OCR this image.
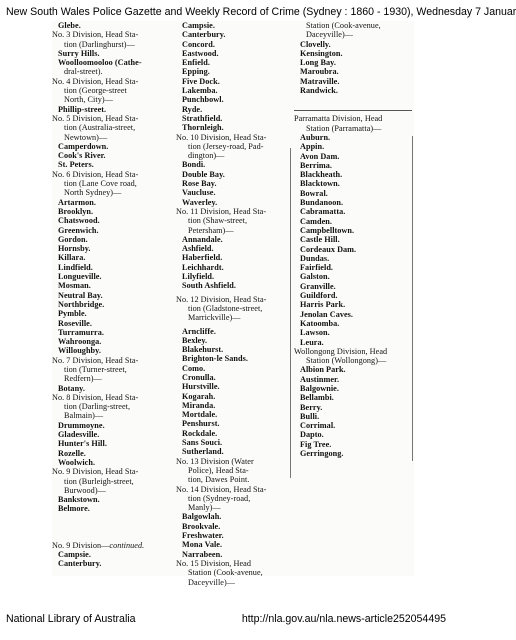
New South Wales Police Gazette and Weekly Record of Crime (Sydney : 1860 - 1930), Wednesday 7 Januar
Glebe.
No. 3 Division, Head Sta-
tion (Darlinghurst)—
Surry Hills.
Woolloomooloo (Cathe-
dral-street).
No. 4 Division, Head Sta-
tion (George-street
North, City)—
Phillip-street.
No. 5 Division, Head Sta-
tion (Australia-street,
Newtown)—
Camperdown.
Cook's River.
St. Peters.
No. 6 Division, Head Sta-
tion (Lane Cove road,
North Sydney)—
Artarmon.
Brooklyn.
Chatswood.
Greenwich.
Gordon.
Hornsby.
Killara.
Lindfield.
Longueville.
Mosman.
Neutral Bay.
Northbridge.
Pymble.
Roseville.
Turramurra.
Wahroonga.
Willoughby.
No. 7 Division, Head Sta-
tion (Turner-street,
Redfern)—
Botany.
No. 8 Division, Head Sta-
tion (Darling-street,
Balmain)—
Drummoyne.
Gladesville.
Hunter's Hill.
Rozelle.
Woolwich.
No. 9 Division, Head Sta-
tion (Burleigh-street,
Burwood)—
Bankstown.
Belmore.
No. 9 Division—continued.
Campsie.
Canterbury.
Campsie.
Canterbury.
Concord.
Eastwood.
Enfield.
Epping.
Five Dock.
Lakemba.
Punchbowl.
Ryde.
Strathfield.
Thornleigh.
No. 10 Division, Head Sta-
tion (Jersey-road, Pad-
dington)—
Bondi.
Double Bay.
Rose Bay.
Vaucluse.
Waverley.
No. 11 Division, Head Sta-
tion (Shaw-street,
Petersham)—
Annandale.
Ashfield.
Haberfield.
Leichhardt.
Lilyfield.
South Ashfield.
No. 12 Division, Head Sta-
tion (Gladstone-street,
Marrickville)—
Arncliffe.
Bexley.
Blakehurst.
Brighton-le Sands.
Como.
Cronulla.
Hurstville.
Kogarah.
Miranda.
Mortdale.
Penshurst.
Rockdale.
Sans Souci.
Sutherland.
No. 13 Division (Water
Police), Head Sta-
tion, Dawes Point.
No. 14 Division, Head Sta-
tion (Sydney-road,
Manly)—
Balgowlah.
Brookvale.
Freshwater.
Mona Vale.
Narrabeen.
No. 15 Division, Head
Station (Cook-avenue,
Daceyville)—
Station (Cook-avenue,
Daceyville)—
Clovelly.
Kensington.
Long Bay.
Maroubra.
Matraville.
Randwick.
Parramatta Division, Head
Station (Parramatta)—
Auburn.
Appin.
Avon Dam.
Berrima.
Blackheath.
Blacktown.
Bowral.
Bundanoon.
Cabramatta.
Camden.
Campbelltown.
Castle Hill.
Cordeaux Dam.
Dundas.
Fairfield.
Galston.
Granville.
Guildford.
Harris Park.
Jenolan Caves.
Katoomba.
Lawson.
Leura.
Wollongong Division, Head
Station (Wollongong)—
Albion Park.
Austinmer.
Balgownie.
Bellambi.
Berry.
Bulli.
Corrimal.
Dapto.
Fig Tree.
Gerringong.
National Library of Australia	http://nla.gov.au/nla.news-article252054495
